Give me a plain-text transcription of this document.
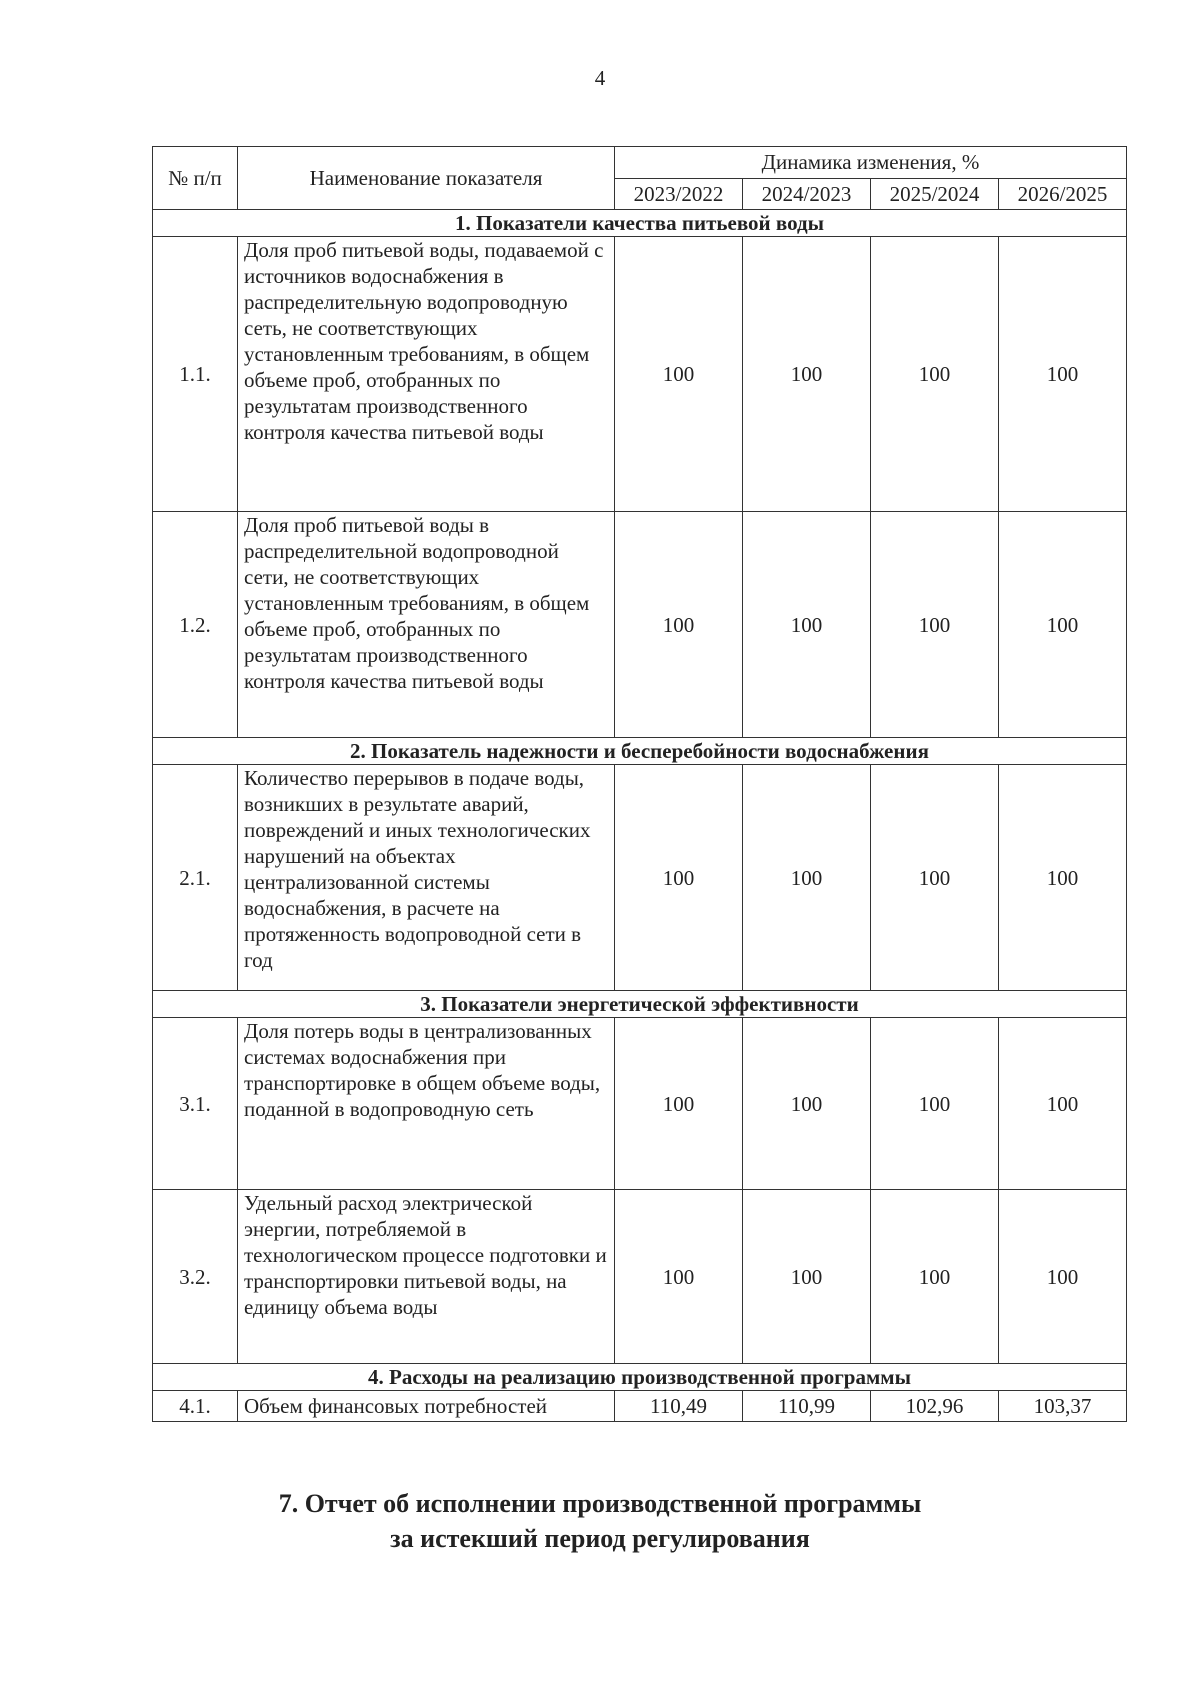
4
№ п/п	Наименование показателя	Динамика изменения, %			
		2023/2022	2024/2023	2025/2024	2026/2025
1. Показатели качества питьевой воды					
1.1.	Доля проб питьевой воды, подаваемой с источников водоснабжения в распределительную водопроводную сеть, не соответствующих установленным требованиям, в общем объеме проб, отобранных по результатам производственного контроля качества питьевой воды	100	100	100	100
1.2.	Доля проб питьевой воды в распределительной водопроводной сети, не соответствующих установленным требованиям, в общем объеме проб, отобранных по результатам производственного контроля качества питьевой воды	100	100	100	100
2. Показатель надежности и бесперебойности водоснабжения					
2.1.	Количество перерывов в подаче воды, возникших в результате аварий, повреждений и иных технологических нарушений на объектах централизованной системы водоснабжения, в расчете на протяженность водопроводной сети в год	100	100	100	100
3. Показатели энергетической эффективности					
3.1.	Доля потерь воды в централизованных системах водоснабжения при транспортировке в общем объеме воды, поданной в водопроводную сеть	100	100	100	100
3.2.	Удельный расход электрической энергии, потребляемой в технологическом процессе подготовки и транспортировки питьевой воды, на единицу объема воды	100	100	100	100
4. Расходы на реализацию производственной программы					
4.1.	Объем финансовых потребностей	110,49	110,99	102,96	103,37
7. Отчет об исполнении производственной программы
за истекший период регулирования
